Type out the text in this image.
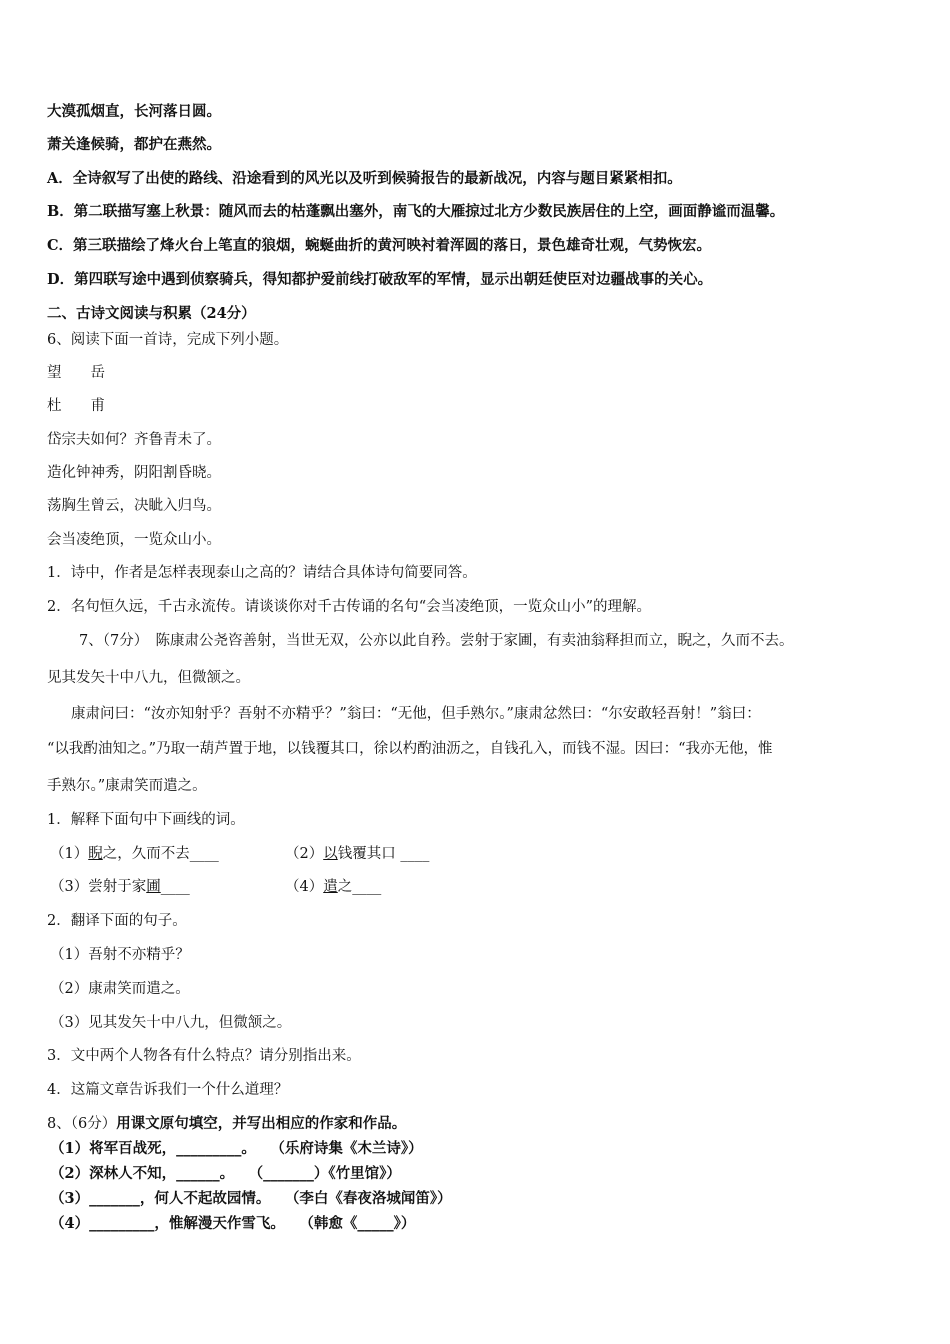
大漠孤烟直，长河落日圆。
萧关逢候骑，都护在燕然。
A．全诗叙写了出使的路线、沿途看到的风光以及听到候骑报告的最新战况，内容与题目紧紧相扣。
B．第二联描写塞上秋景：随风而去的枯蓬飘出塞外，南飞的大雁掠过北方少数民族居住的上空，画面静谧而温馨。
C．第三联描绘了烽火台上笔直的狼烟，蜿蜒曲折的黄河映衬着浑圆的落日，景色雄奇壮观，气势恢宏。
D．第四联写途中遇到侦察骑兵，得知都护爱前线打破敌军的军情，显示出朝廷使臣对边疆战事的关心。
二、古诗文阅读与积累（24分）
6、阅读下面一首诗，完成下列小题。
望　　岳
杜　　甫
岱宗夫如何？齐鲁青未了。
造化钟神秀，阴阳割昏晓。
荡胸生曾云，决眦入归鸟。
会当凌绝顶，一览众山小。
1．诗中，作者是怎样表现泰山之高的？请结合具体诗句简要同答。
2．名句恒久远，千古永流传。请谈谈你对千古传诵的名句“会当凌绝顶，一览众山小”的理解。
7、（7分）　陈康肃公尧咨善射，当世无双，公亦以此自矜。尝射于家圃，有卖油翁释担而立，睨之，久而不去。
见其发矢十中八九，但微颔之。
康肃问曰：“汝亦知射乎？吾射不亦精乎？”翁曰：“无他，但手熟尔。”康肃忿然曰：“尔安敢轻吾射！”翁曰：
“以我酌油知之。”乃取一葫芦置于地，以钱覆其口，徐以杓酌油沥之，自钱孔入，而钱不湿。因曰：“我亦无他，惟
手熟尔。”康肃笑而遣之。
1．解释下面句中下画线的词。
（1）睨之，久而不去____	（2）以钱覆其口 ____
（3）尝射于家圃____	（4）遣之____
2．翻译下面的句子。
（1）吾射不亦精乎？
（2）康肃笑而遣之。
（3）见其发矢十中八九，但微颔之。
3．文中两个人物各有什么特点？请分别指出来。
4．这篇文章告诉我们一个什么道理？
8、（6分）用课文原句填空，并写出相应的作家和作品。
（1）将军百战死，_________。　　（乐府诗集《木兰诗》）
（2）深林人不知，______。　　（_______）《竹里馆》）
（3）_______，何人不起故园情。　　（李白《春夜洛城闻笛》）
（4）_________，惟解漫天作雪飞。　　（韩愈《_____》）
